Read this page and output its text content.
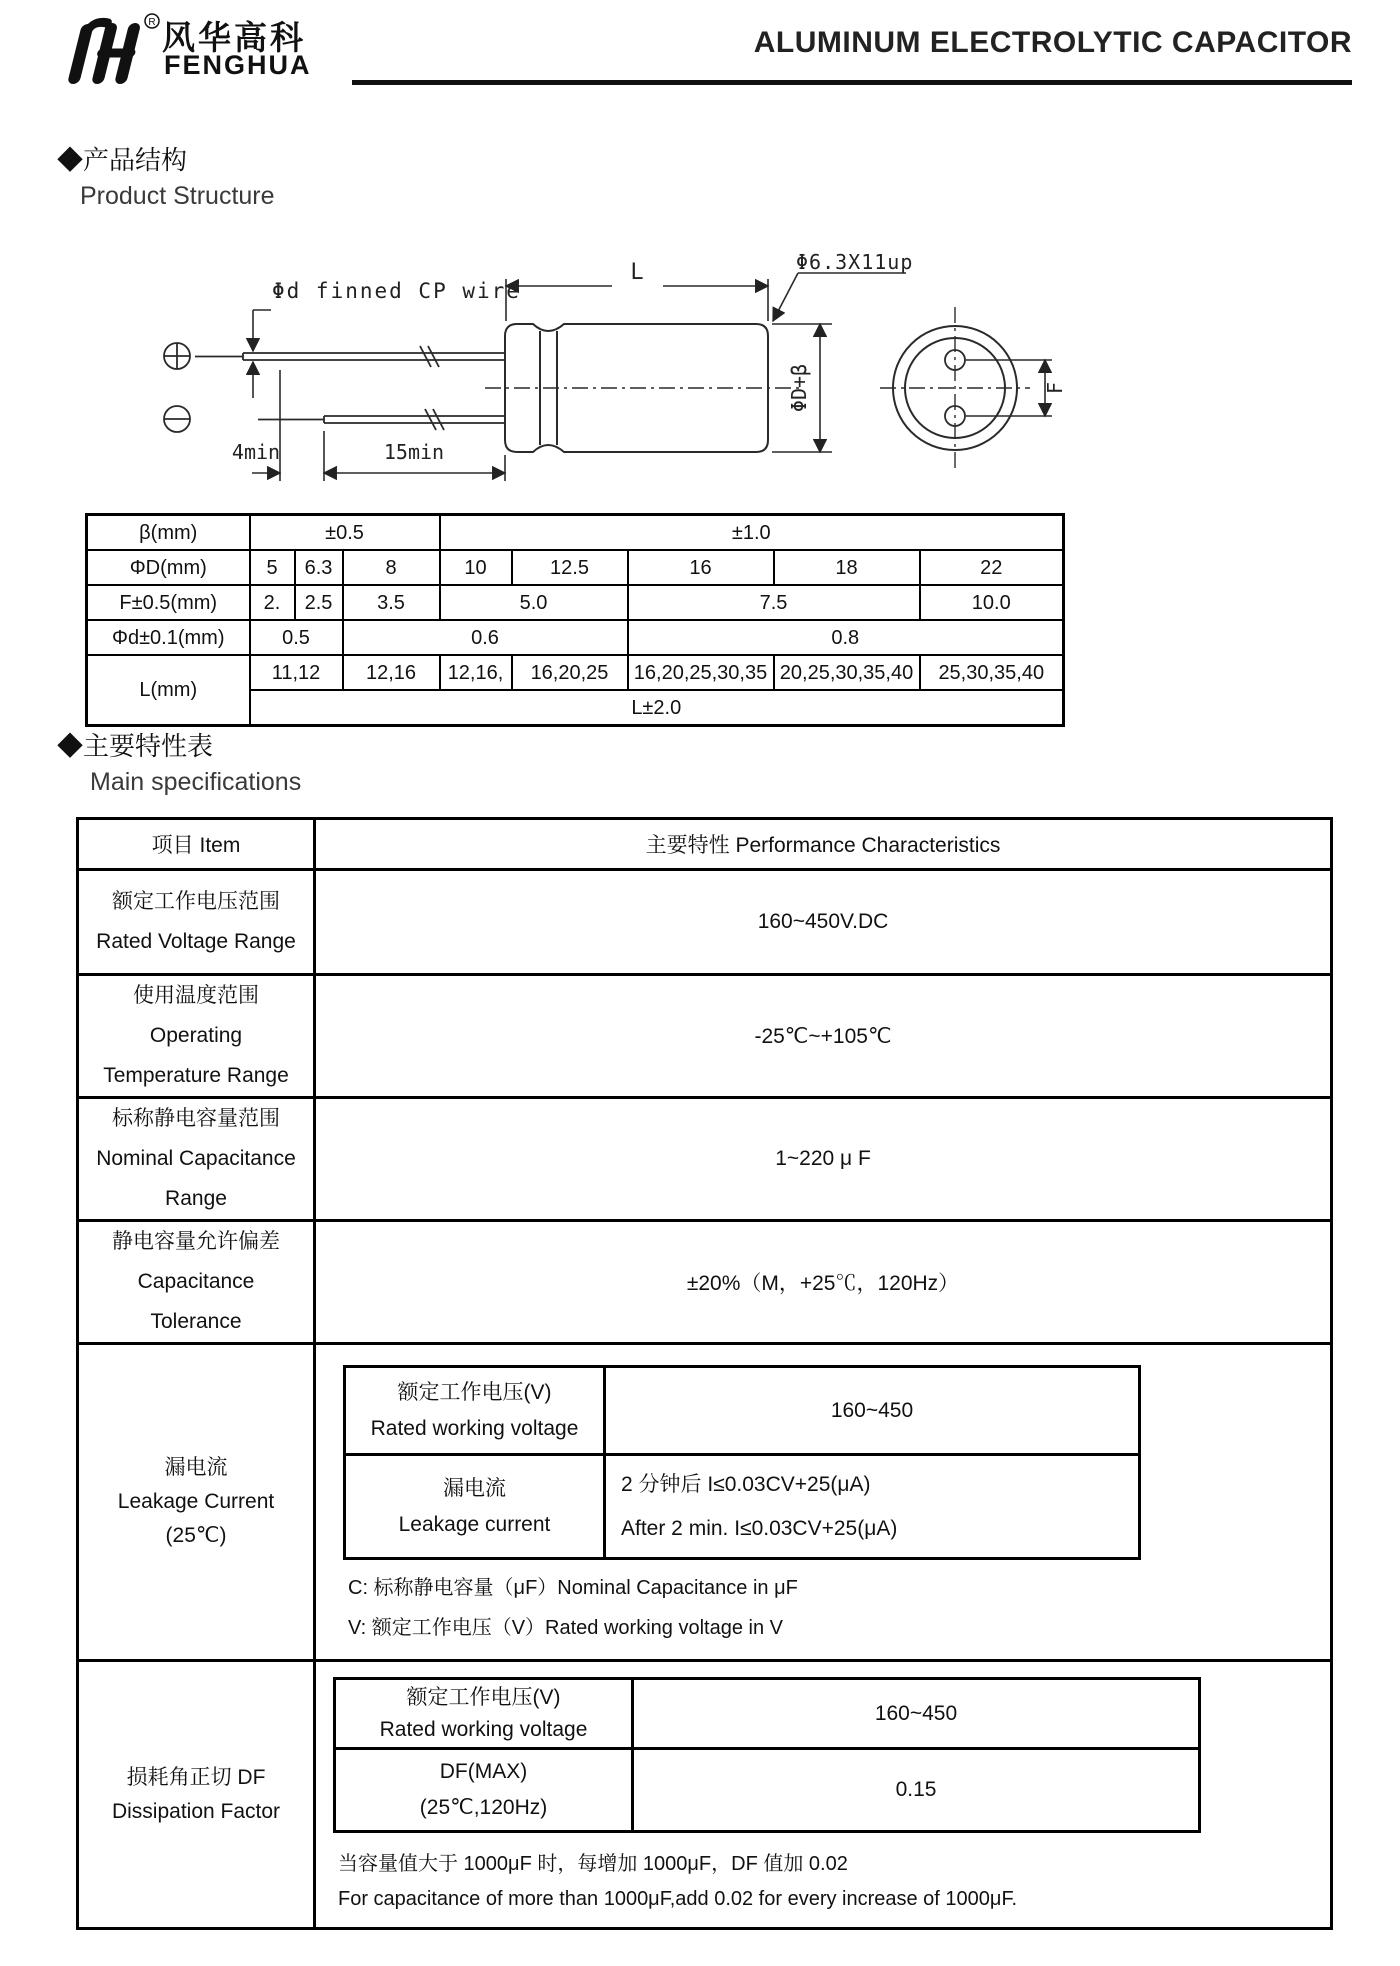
R 风华高科
FENGHUA
ALUMINUM ELECTROLYTIC CAPACITOR
◆产品结构
Product Structure
Φd finned CP wire
L	Φ6.3X11up
ΦD+β	F
4min	15min
β(mm)	±0.5			±1.0				
ΦD(mm)	5	6.3	8	10	12.5	16	18	22
F±0.5(mm)	2.	2.5	3.5	5.0		7.5		10.0
Φd±0.1(mm)	0.5		0.6			0.8		
L(mm)	11,12		12,16	12,16,	16,20,25	16,20,25,30,35	20,25,30,35,40	25,30,35,40
	L±2.0							
◆主要特性表
Main specifications
项目 Item	主要特性 Performance Characteristics

额定工作电压范围
Rated Voltage Range
	160~450V.DC

使用温度范围
Operating
Temperature Range
	-25℃~+105℃

标称静电容量范围
Nominal Capacitance
Range
	1~220 μ F

静电容量允许偏差
Capacitance
Tolerance
	±20%（M，+25℃，120Hz）

漏电流
Leakage Current
(25℃)

额定工作电压(V)
Rated working voltage
	160~450

漏电流
Leakage current

2 分钟后 I≤0.03CV+25(μA)
After 2 min. I≤0.03CV+25(μA)
C: 标称静电容量（μF）Nominal Capacitance in μF
V: 额定工作电压（V）Rated working voltage in V

损耗角正切 DF
Dissipation Factor

额定工作电压(V)
Rated working voltage
	160~450

DF(MAX)
(25℃,120Hz)
	0.15
当容量值大于 1000μF 时，每增加 1000μF，DF 值加 0.02
For capacitance of more than 1000μF,add 0.02 for every increase of 1000μF.
